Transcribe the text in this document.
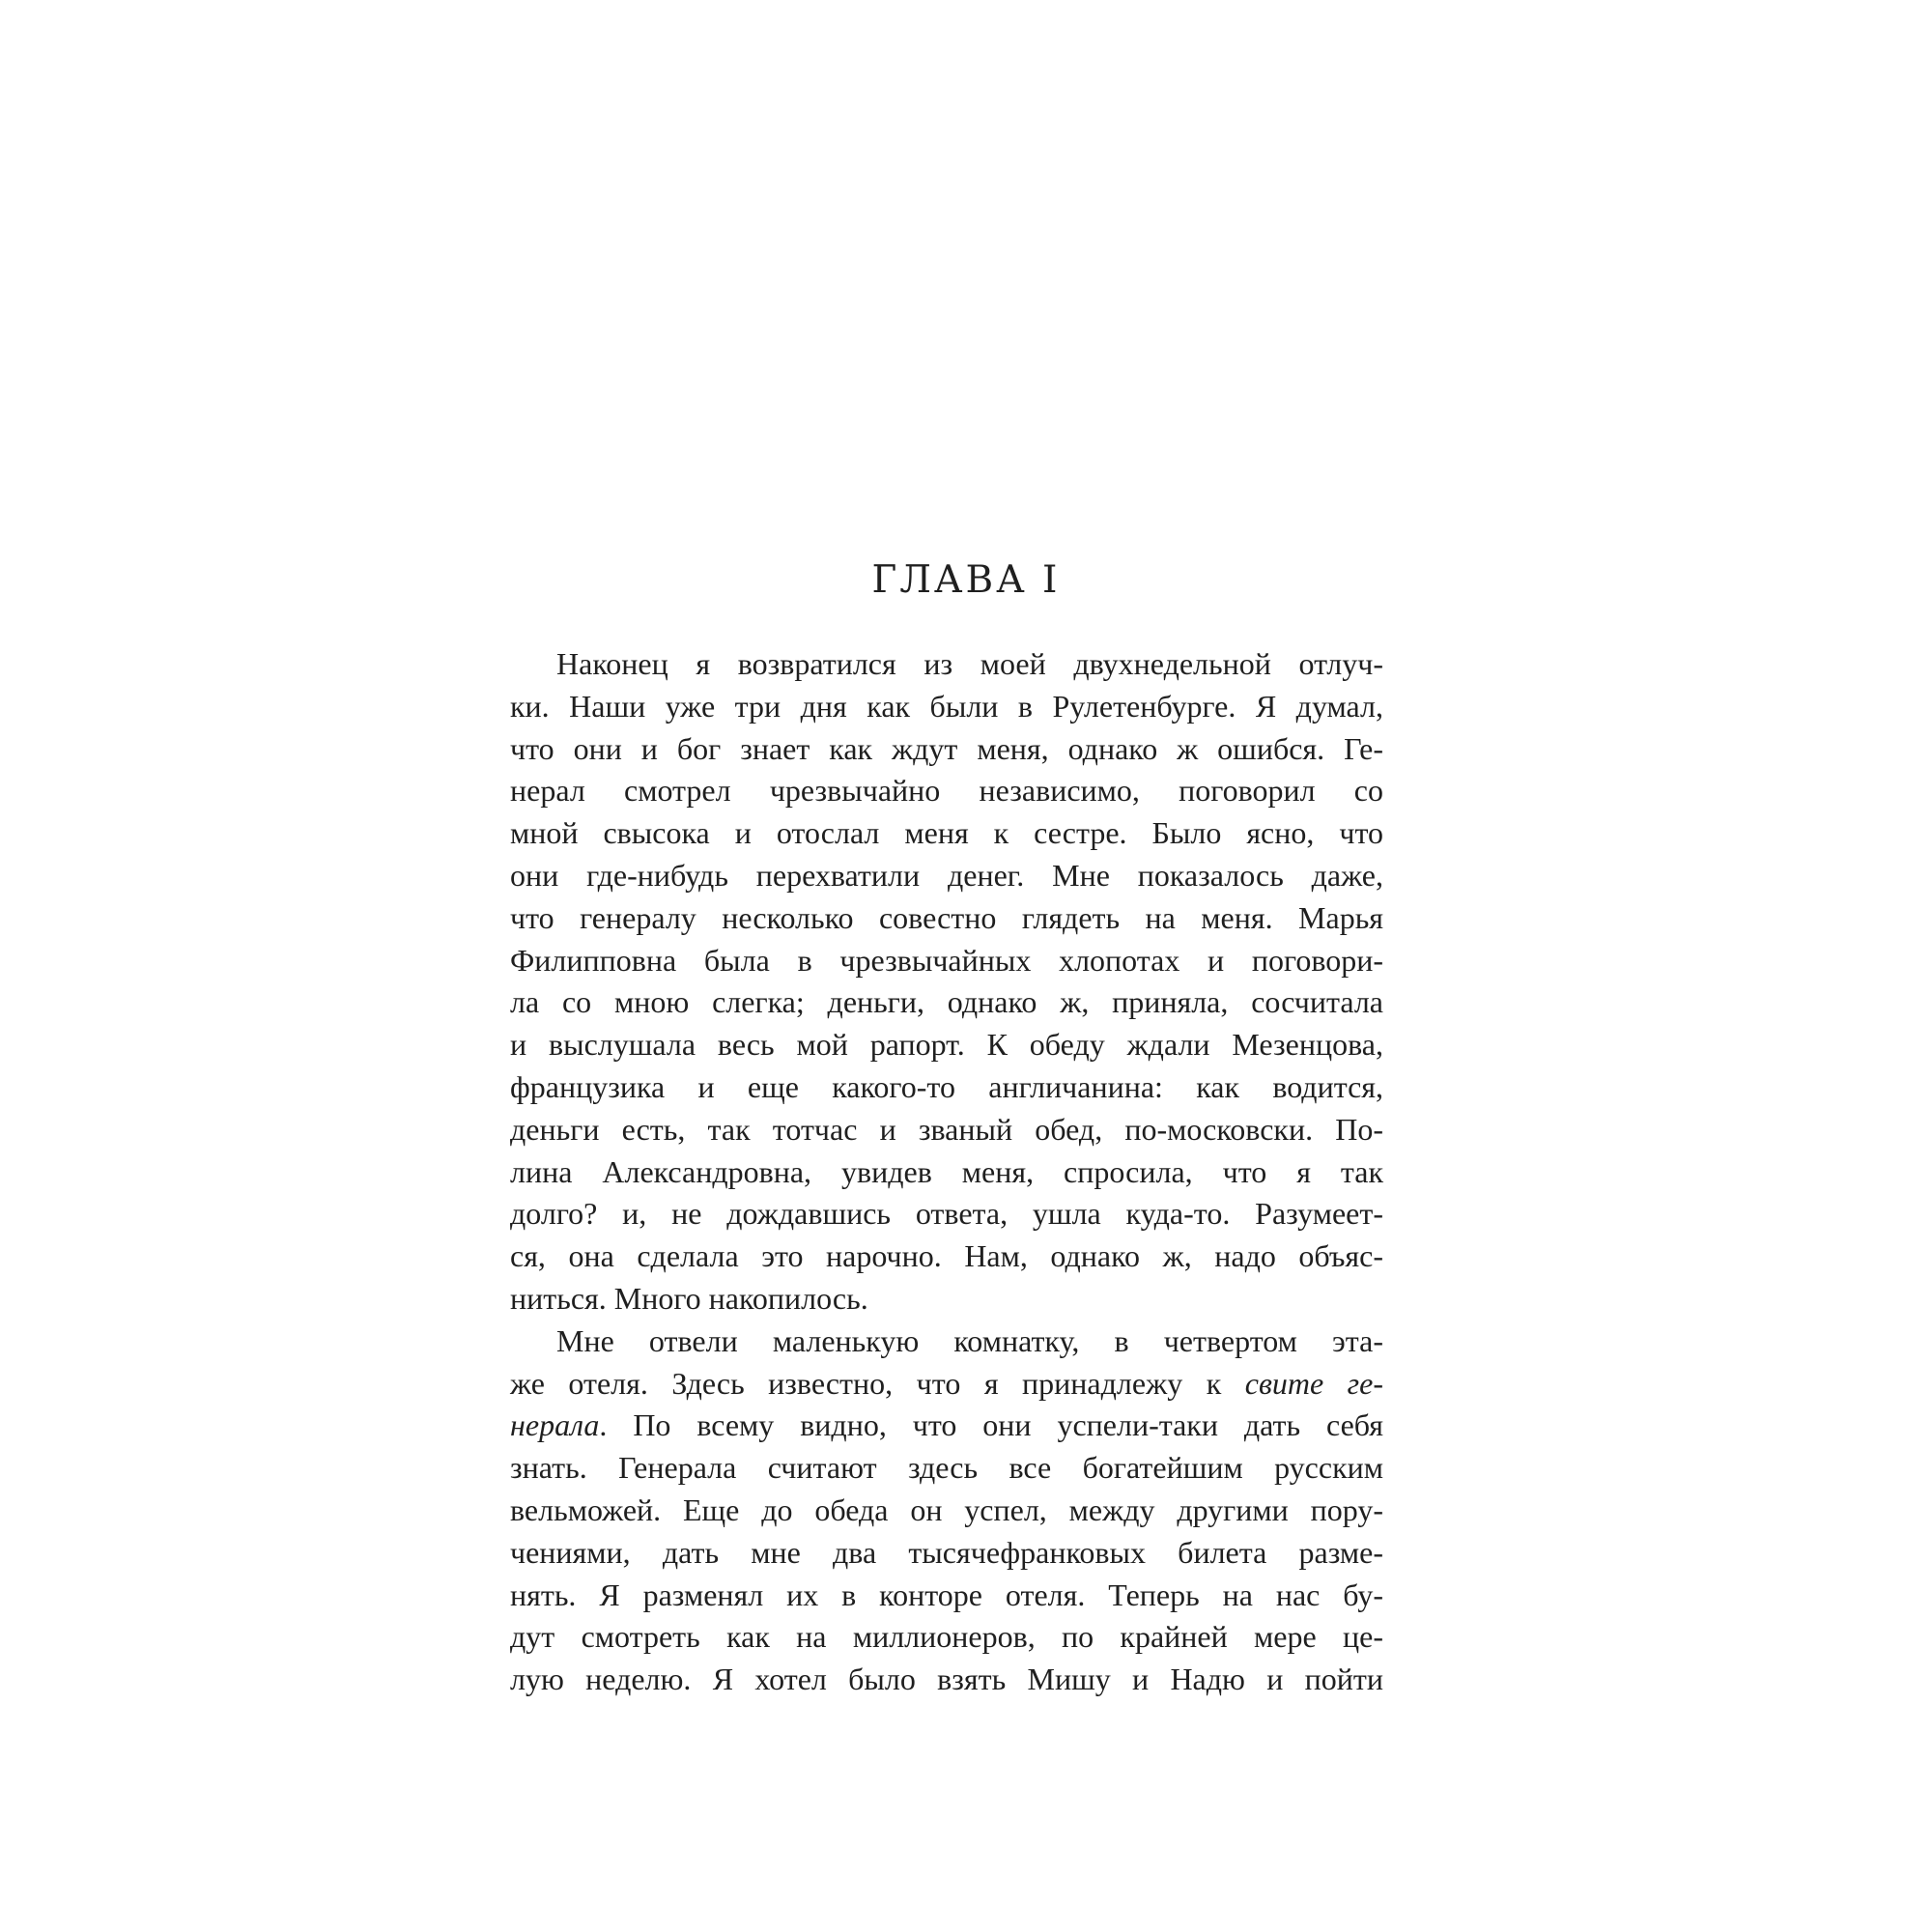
ГЛАВА I
Наконец я возвратился из моей двухнедельной отлуч-
ки. Наши уже три дня как были в Рулетенбурге. Я думал,
что они и бог знает как ждут меня, однако ж ошибся. Ге-
нерал смотрел чрезвычайно независимо, поговорил со
мной свысока и отослал меня к сестре. Было ясно, что
они где-нибудь перехватили денег. Мне показалось даже,
что генералу несколько совестно глядеть на меня. Марья
Филипповна была в чрезвычайных хлопотах и поговори-
ла со мною слегка; деньги, однако ж, приняла, сосчитала
и выслушала весь мой рапорт. К обеду ждали Мезенцова,
французика и еще какого-то англичанина: как водится,
деньги есть, так тотчас и званый обед, по-московски. По-
лина Александровна, увидев меня, спросила, что я так
долго? и, не дождавшись ответа, ушла куда-то. Разумеет-
ся, она сделала это нарочно. Нам, однако ж, надо объяс-
ниться. Много накопилось.
Мне отвели маленькую комнатку, в четвертом эта-
же отеля. Здесь известно, что я принадлежу к свите ге-
нерала. По всему видно, что они успели-таки дать себя
знать. Генерала считают здесь все богатейшим русским
вельможей. Еще до обеда он успел, между другими пору-
чениями, дать мне два тысячефранковых билета разме-
нять. Я разменял их в конторе отеля. Теперь на нас бу-
дут смотреть как на миллионеров, по крайней мере це-
лую неделю. Я хотел было взять Мишу и Надю и пойти
